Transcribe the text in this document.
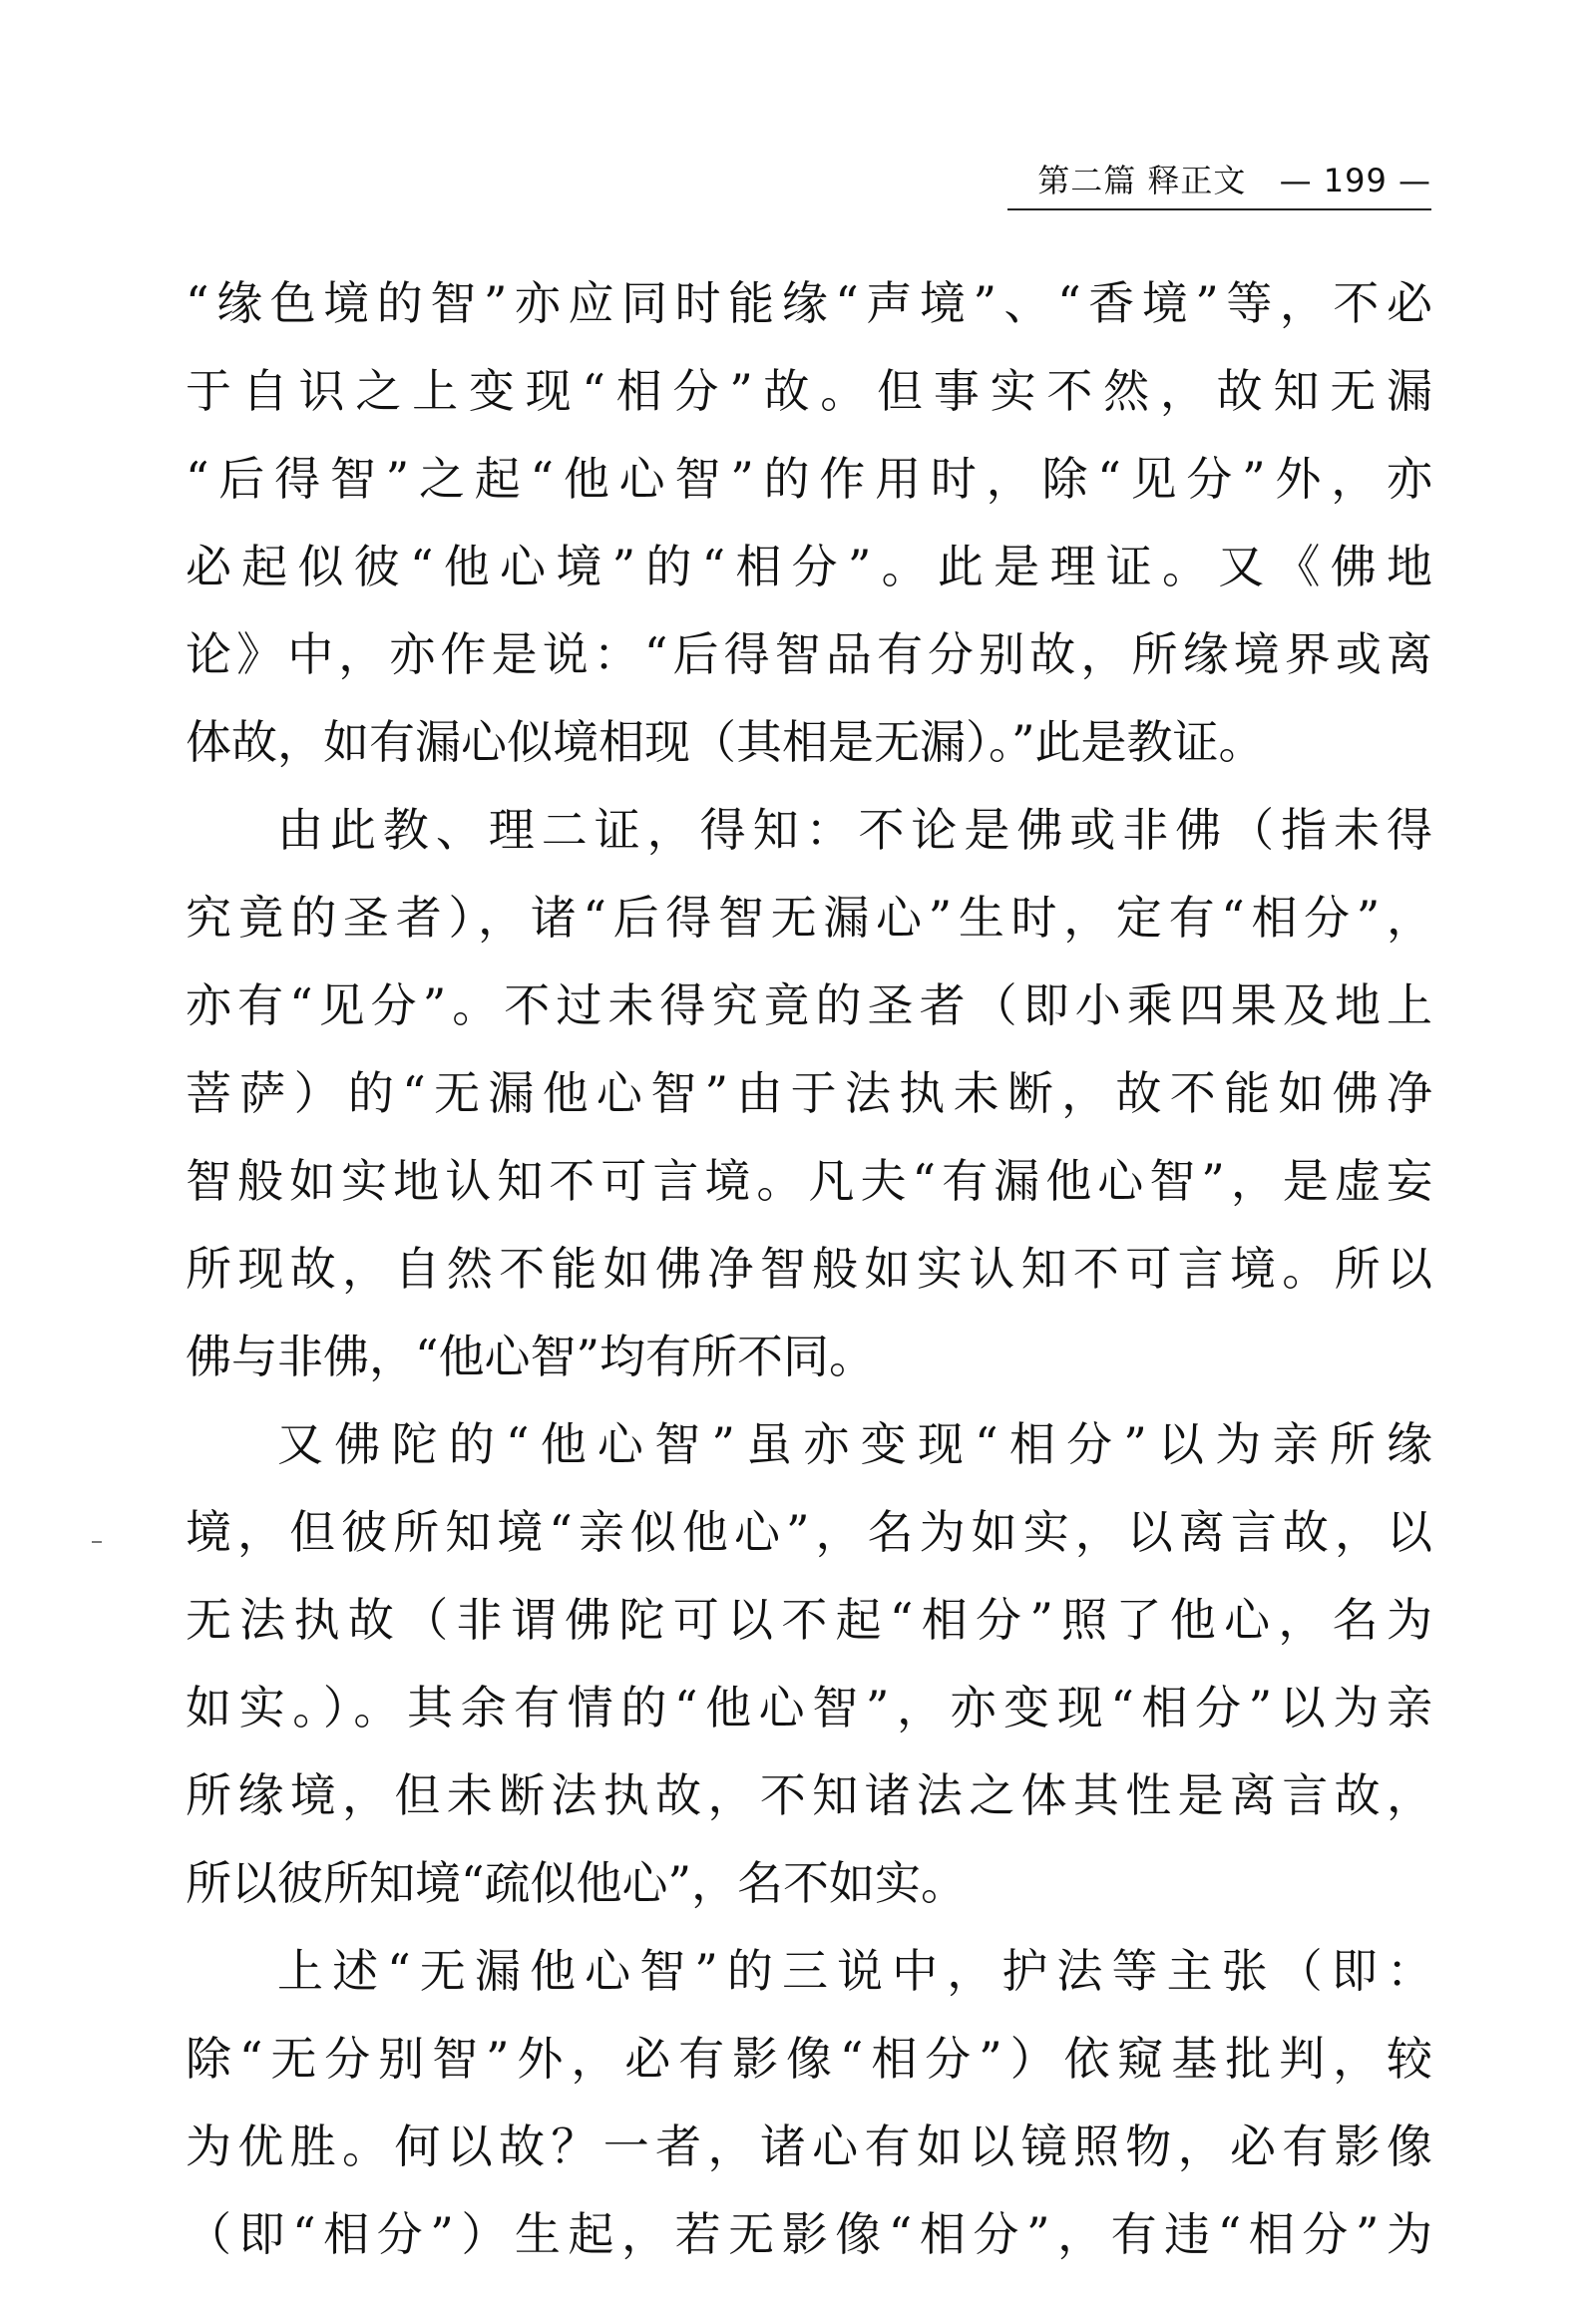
第二篇 释正文 — 199 —
“缘色境的智”亦应同时能缘“声境”、“香境”等，不必
于自识之上变现“相分”故。但事实不然，故知无漏
“后得智”之起“他心智”的作用时，除“见分”外，亦
必起似彼“他心境”的“相分”。此是理证。又《佛地
论》中，亦作是说：“后得智品有分别故，所缘境界或离
体故，如有漏心似境相现（其相是无漏）。”此是教证。
由此教、理二证，得知：不论是佛或非佛（指未得
究竟的圣者），诸“后得智无漏心”生时，定有“相分”，
亦有“见分”。不过未得究竟的圣者（即小乘四果及地上
菩萨）的“无漏他心智”由于法执未断，故不能如佛净
智般如实地认知不可言境。凡夫“有漏他心智”，是虚妄
所现故，自然不能如佛净智般如实认知不可言境。所以
佛与非佛，“他心智”均有所不同。
又佛陀的“他心智”虽亦变现“相分”以为亲所缘
境，但彼所知境“亲似他心”，名为如实，以离言故，以
无法执故（非谓佛陀可以不起“相分”照了他心，名为
如实。）。其余有情的“他心智”，亦变现“相分”以为亲
所缘境，但未断法执故，不知诸法之体其性是离言故，
所以彼所知境“疏似他心”，名不如实。
上述“无漏他心智”的三说中，护法等主张（即：
除“无分别智”外，必有影像“相分”）依窥基批判，较
为优胜。何以故？一者，诸心有如以镜照物，必有影像
（即“相分”）生起，若无影像“相分”，有违“相分”为
